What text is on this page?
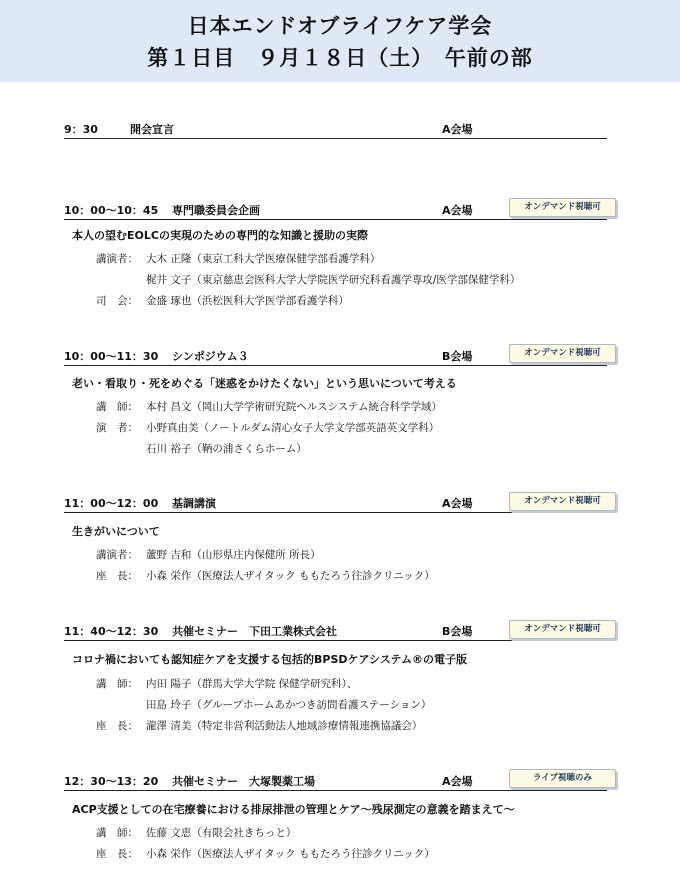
日本エンドオブライフケア学会
第１日目　９月１８日（土）　午前の部
9：30	開会宣言	A会場
10：00～10：45 専門職委員会企画	A会場	オンデマンド視聴可
本人の望むEOLCの実現のための専門的な知識と援助の実際
講演者： 大木 正隆（東京工科大学医療保健学部看護学科）
梶井 文子（東京慈恵会医科大学大学院医学研究科看護学専攻/医学部保健学科）
司　会： 金盛 琢也（浜松医科大学医学部看護学科）
10：00～11：30 シンポジウム３	B会場	オンデマンド視聴可
老い・看取り・死をめぐる「迷惑をかけたくない」という思いについて考える
講　師： 本村 昌文（岡山大学学術研究院ヘルスシステム統合科学学域）
演　者： 小野真由美（ノートルダム清心女子大学文学部英語英文学科）
石川 裕子（鞆の浦さくらホーム）
11：00～12：00 基調講演	A会場	オンデマンド視聴可
生きがいについて
講演者： 蘆野 吉和（山形県庄内保健所 所長）
座　長： 小森 栄作（医療法人ザイタック ももたろう往診クリニック）
11：40～12：30 共催セミナー　下田工業株式会社	B会場	オンデマンド視聴可
コロナ禍においても認知症ケアを支援する包括的BPSDケアシステム®の電子版
講　師： 内田 陽子（群馬大学大学院 保健学研究科）、
田島 玲子（グループホームあかつき訪問看護ステーション）
座　長： 瀧澤 清美（特定非営利活動法人地域診療情報連携協議会）
12：30～13：20 共催セミナー　大塚製薬工場	A会場	ライブ視聴のみ
ACP支援としての在宅療養における排尿排泄の管理とケア～残尿測定の意義を踏まえて～
講　師： 佐藤 文恵（有限会社きちっと）
座　長： 小森 栄作（医療法人ザイタック ももたろう往診クリニック）
